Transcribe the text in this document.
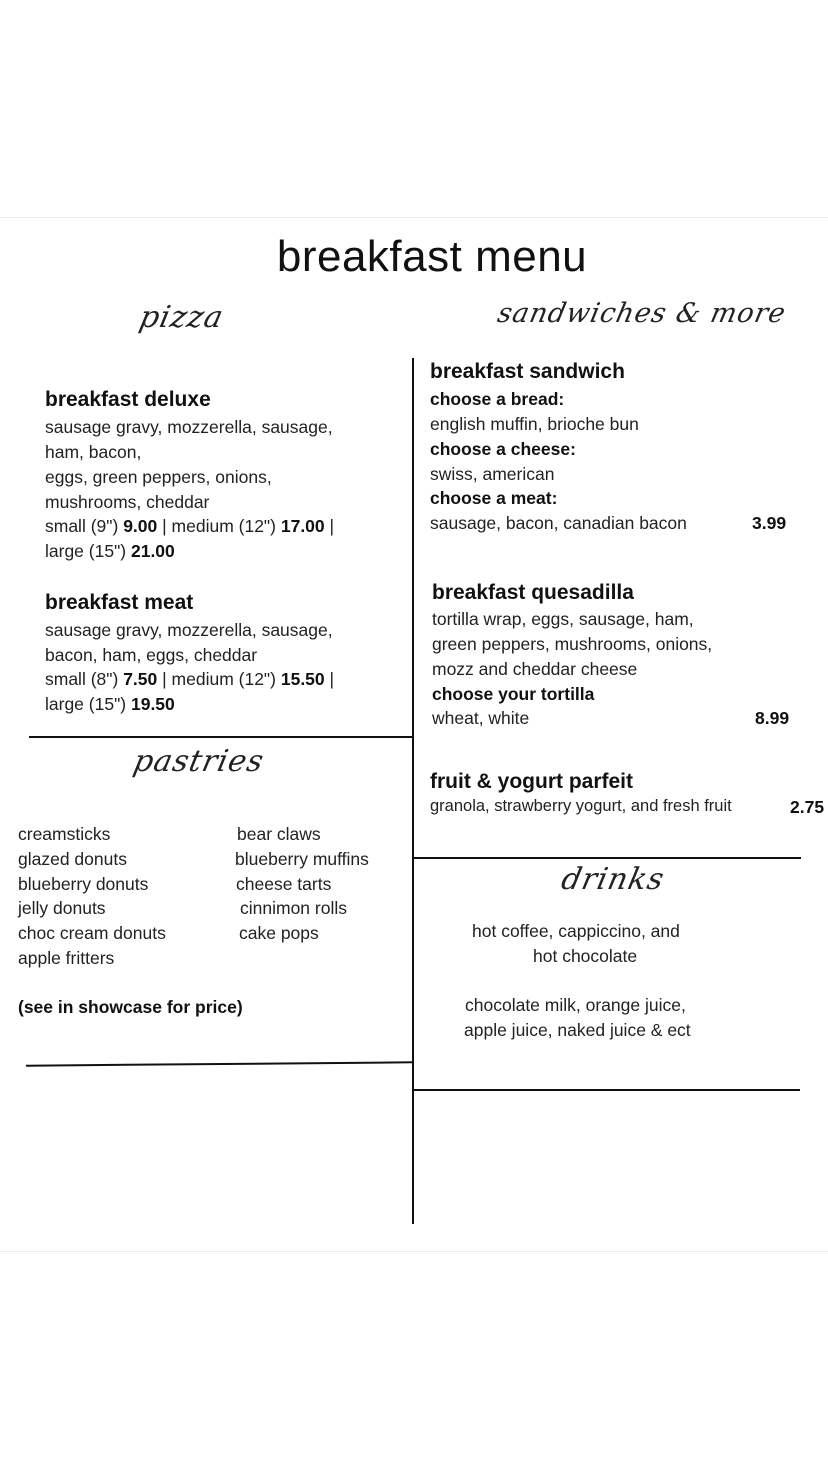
breakfast menu
pizza	sandwiches & more
pastries
drinks
breakfast deluxe
sausage gravy, mozzerella, sausage,
ham, bacon,
eggs, green peppers, onions,
mushrooms, cheddar
small (9") 9.00 | medium (12") 17.00 |
large (15") 21.00
breakfast meat
sausage gravy, mozzerella, sausage,
bacon, ham, eggs, cheddar
small (8") 7.50 | medium (12") 15.50 |
large (15") 19.50
creamsticks
glazed donuts
blueberry donuts
jelly donuts
choc cream donuts
apple fritters
bear claws
blueberry muffins
cheese tarts
cinnimon rolls
cake pops
(see in showcase for price)
breakfast sandwich
choose a bread:
english muffin, brioche bun
choose a cheese:
swiss, american
choose a meat:
sausage, bacon, canadian bacon	3.99
breakfast quesadilla
tortilla wrap, eggs, sausage, ham,
green peppers, mushrooms, onions,
mozz and cheddar cheese
choose your tortilla
wheat, white	8.99
fruit & yogurt parfeit
granola, strawberry yogurt, and fresh fruit	2.75
hot coffee, cappiccino, and
hot chocolate
chocolate milk, orange juice,
apple juice, naked juice & ect
